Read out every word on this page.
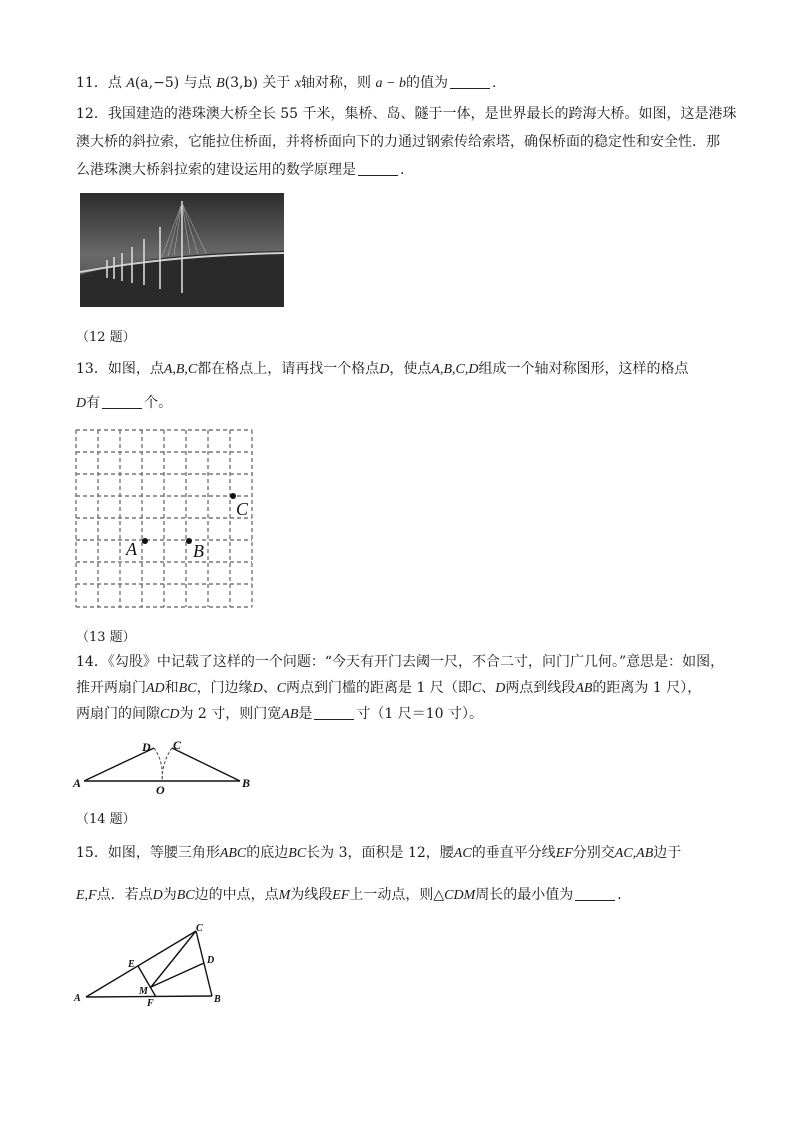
11．点 A(a,−5) 与点 B(3,b) 关于 x轴对称，则 a − b的值为	.
12．我国建造的港珠澳大桥全长 55 千米，集桥、岛、隧于一体，是世界最长的跨海大桥。如图，这是港珠
澳大桥的斜拉索，它能拉住桥面，并将桥面向下的力通过钢索传给索塔，确保桥面的稳定性和安全性．那
么港珠澳大桥斜拉索的建设运用的数学原理是	.
（12 题）
13．如图，点A,B,C都在格点上，请再找一个格点D，使点A,B,C,D组成一个轴对称图形，这样的格点
D有	个。
A	B
C
（13 题）
14．《勾股》中记载了这样的一个问题：“今天有开门去阈一尺，不合二寸，问门广几何。”意思是：如图，
推开两扇门AD和BC，门边缘D、C两点到门槛的距离是 1 尺（即C、D两点到线段AB的距离为 1 尺），
两扇门的间隙CD为 2 寸，则门宽AB是	寸（1 尺＝10 寸）。
A	B
D C
O
（14 题）
15．如图，等腰三角形ABC的底边BC长为 3，面积是 12，腰AC的垂直平分线EF分别交AC,AB边于
E,F点．若点D为BC边的中点，点M为线段EF上一动点，则△CDM周长的最小值为	.
A	B
C
D
E
F
M
